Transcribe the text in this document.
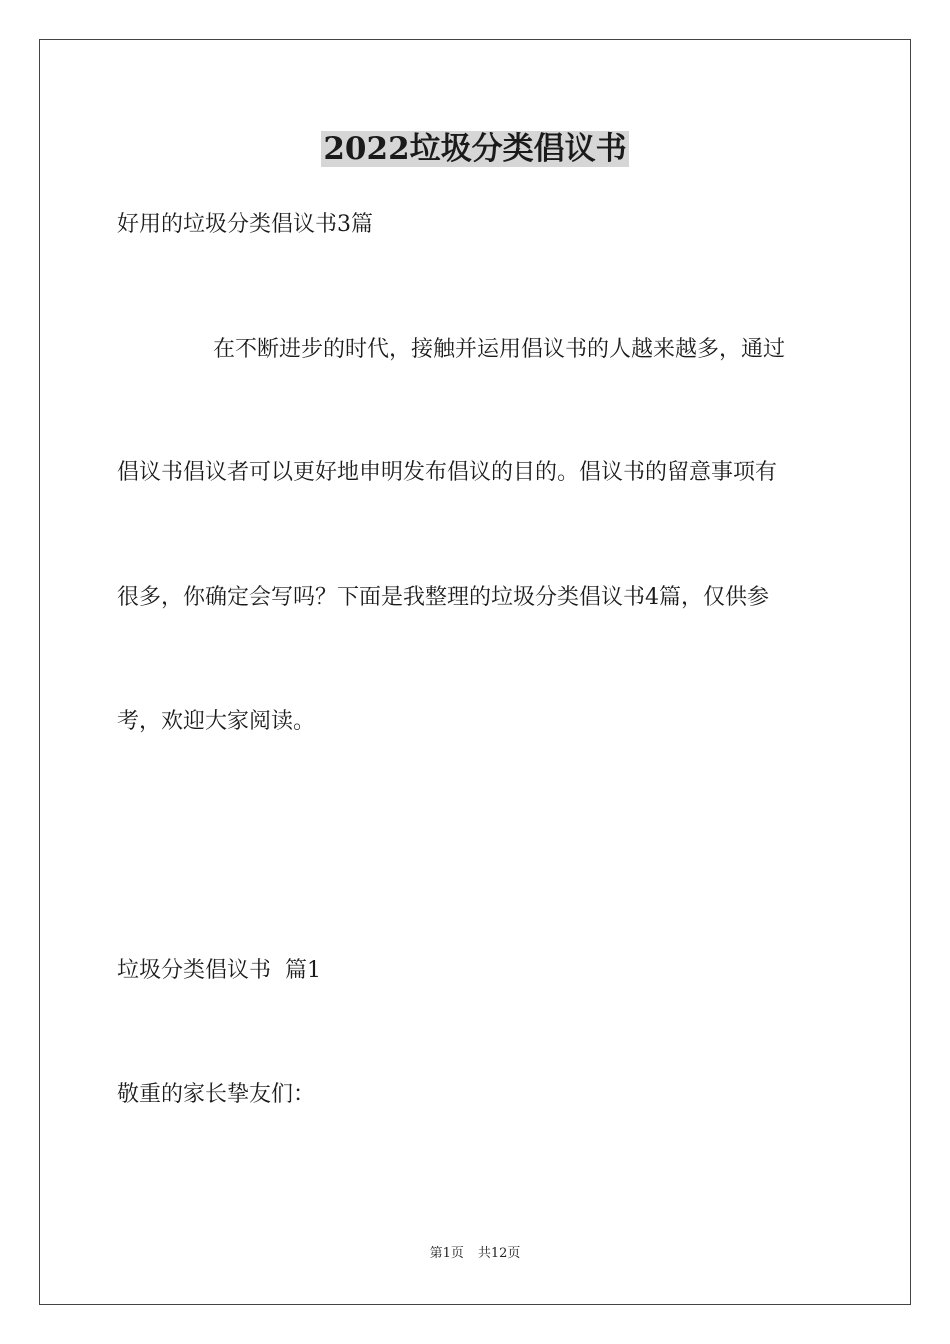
2022垃圾分类倡议书
好用的垃圾分类倡议书3篇
在不断进步的时代，接触并运用倡议书的人越来越多，通过
倡议书倡议者可以更好地申明发布倡议的目的。倡议书的留意事项有
很多，你确定会写吗？下面是我整理的垃圾分类倡议书4篇，仅供参
考，欢迎大家阅读。
垃圾分类倡议书  篇1
敬重的家长挚友们：
第1页 共12页
